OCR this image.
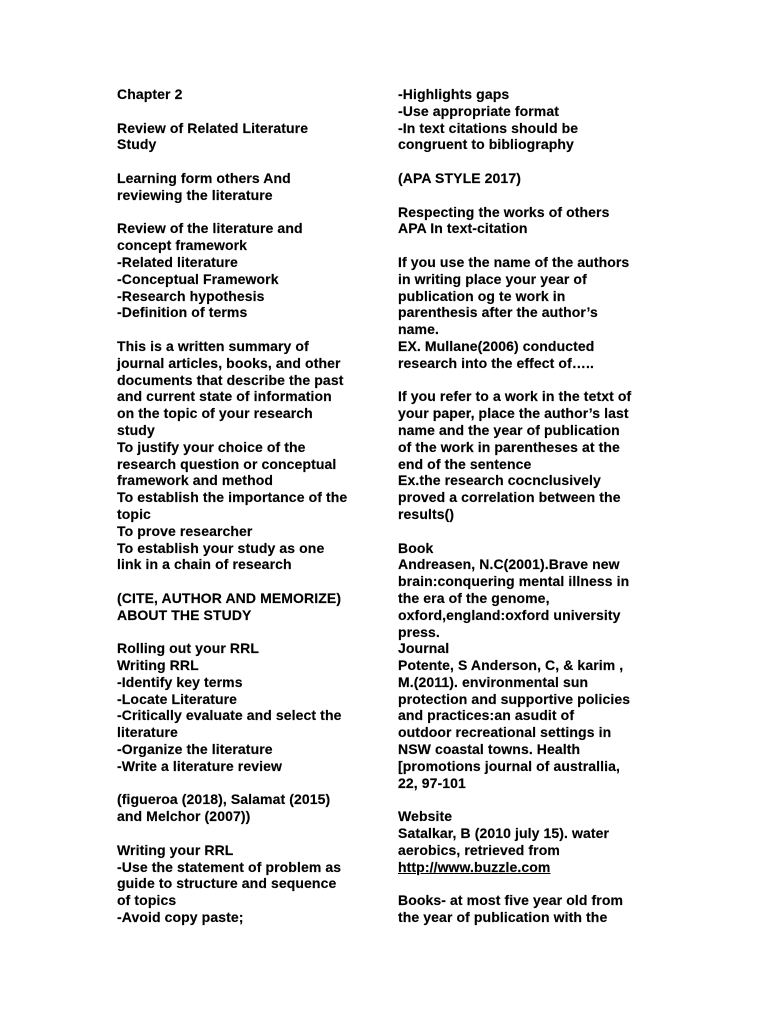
Chapter 2
Review of Related Literature
Study
Learning form others And
reviewing the literature
Review of the literature and
concept framework
-Related literature
-Conceptual Framework
-Research hypothesis
-Definition of terms
This is a written summary of
journal articles, books, and other
documents that describe the past
and current state of information
on the topic of your research
study
To justify your choice of the
research question or conceptual
framework and method
To establish the importance of the
topic
To prove researcher
To establish your study as one
link in a chain of research
(CITE, AUTHOR AND MEMORIZE)
ABOUT THE STUDY
Rolling out your RRL
Writing RRL
-Identify key terms
-Locate Literature
-Critically evaluate and select the
literature
-Organize the literature
-Write a literature review
(figueroa (2018), Salamat (2015)
and Melchor (2007))
Writing your RRL
-Use the statement of problem as
guide to structure and sequence
of topics
-Avoid copy paste;
-Highlights gaps
-Use appropriate format
-In text citations should be
congruent to bibliography
(APA STYLE 2017)
Respecting the works of others
APA In text-citation
If you use the name of the authors
in writing place your year of
publication og te work in
parenthesis after the author’s
name.
EX. Mullane(2006) conducted
research into the effect of…..
If you refer to a work in the tetxt of
your paper, place the author’s last
name and the year of publication
of the work in parentheses at the
end of the sentence
Ex.the research cocnclusively
proved a correlation between the
results()
Book
Andreasen, N.C(2001).Brave new
brain:conquering mental illness in
the era of the genome,
oxford,england:oxford university
press.
Journal
Potente, S Anderson, C, & karim ,
M.(2011). environmental sun
protection and supportive policies
and practices:an asudit of
outdoor recreational settings in
NSW coastal towns. Health
[promotions journal of australlia,
22, 97-101
Website
Satalkar, B (2010 july 15). water
aerobics, retrieved from
http://www.buzzle.com
Books- at most five year old from
the year of publication with the
